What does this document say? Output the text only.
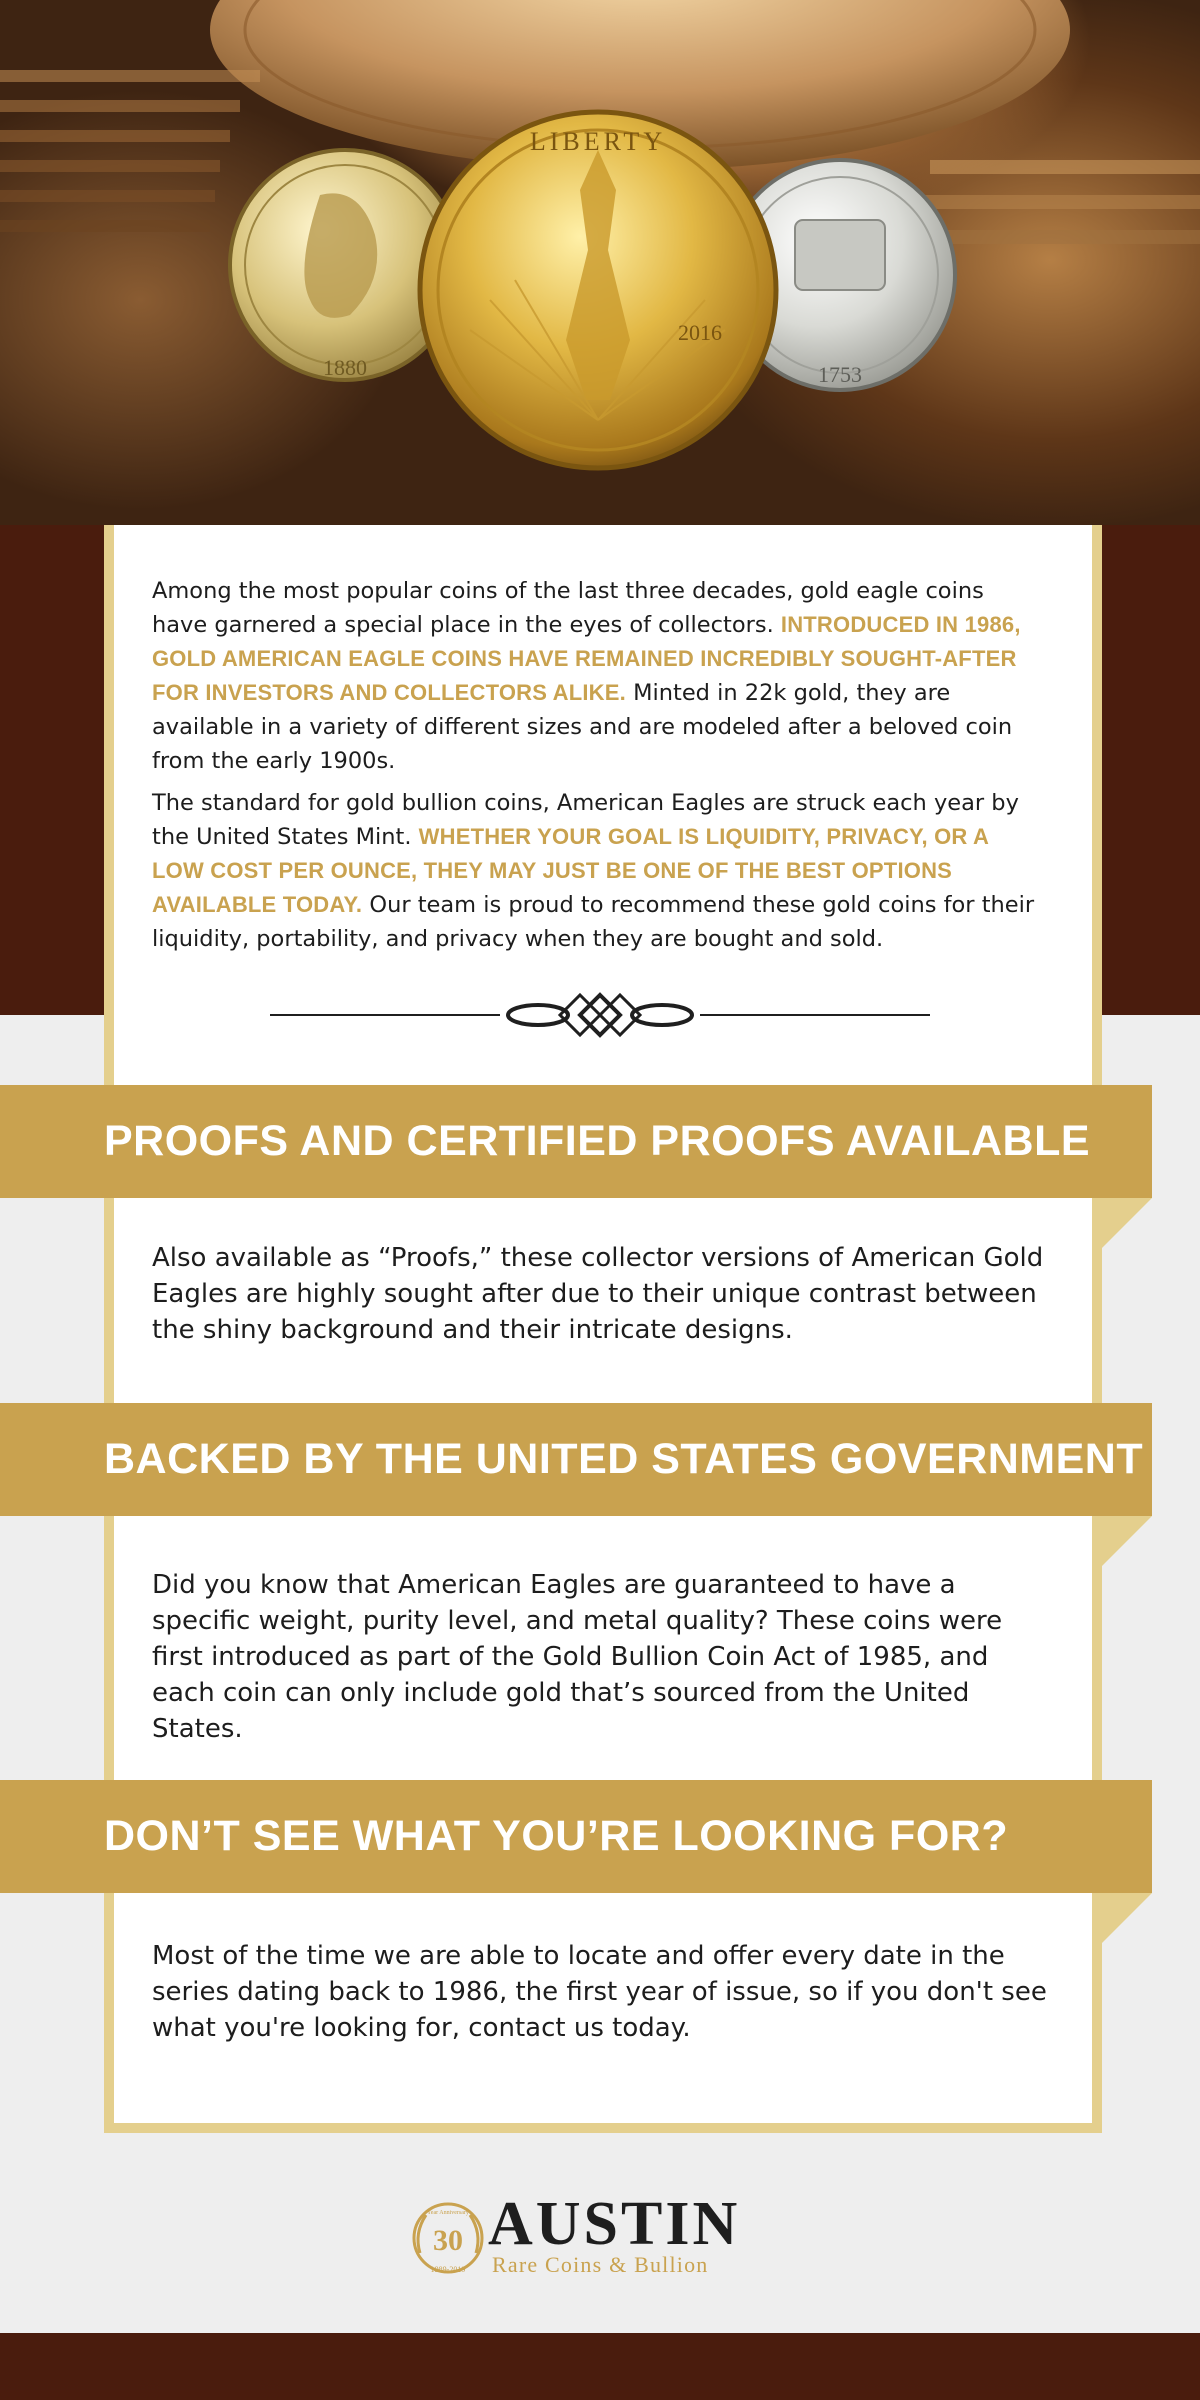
1880	1753
LIBERTY
2016

Among the most popular coins of the last three decades, gold eagle coins have garnered a special place in the eyes of collectors. INTRODUCED IN 1986, GOLD AMERICAN EAGLE COINS HAVE REMAINED INCREDIBLY SOUGHT-AFTER FOR INVESTORS AND COLLECTORS ALIKE. Minted in 22k gold, they are available in a variety of different sizes and are modeled after a beloved coin from the early 1900s.

The standard for gold bullion coins, American Eagles are struck each year by the United States Mint. WHETHER YOUR GOAL IS LIQUIDITY, PRIVACY, OR A LOW COST PER OUNCE, THEY MAY JUST BE ONE OF THE BEST OPTIONS AVAILABLE TODAY. Our team is proud to recommend these gold coins for their liquidity, portability, and privacy when they are bought and sold.

PROOFS AND CERTIFIED PROOFS AVAILABLE

Also available as “Proofs,” these collector versions of American Gold Eagles are highly sought after due to their unique contrast between the shiny background and their intricate designs.

BACKED BY THE UNITED STATES GOVERNMENT

Did you know that American Eagles are guaranteed to have a specific weight, purity level, and metal quality? These coins were first introduced as part of the Gold Bullion Coin Act of 1985, and each coin can only include gold that’s sourced from the United States.

DON’T SEE WHAT YOU’RE LOOKING FOR?

Most of the time we are able to locate and offer every date in the series dating back to 1986, the first year of issue, so if you don't see what you're looking for, contact us today.

Year Anniversary
30
1989-2019
AUSTIN
Rare Coins & Bullion
